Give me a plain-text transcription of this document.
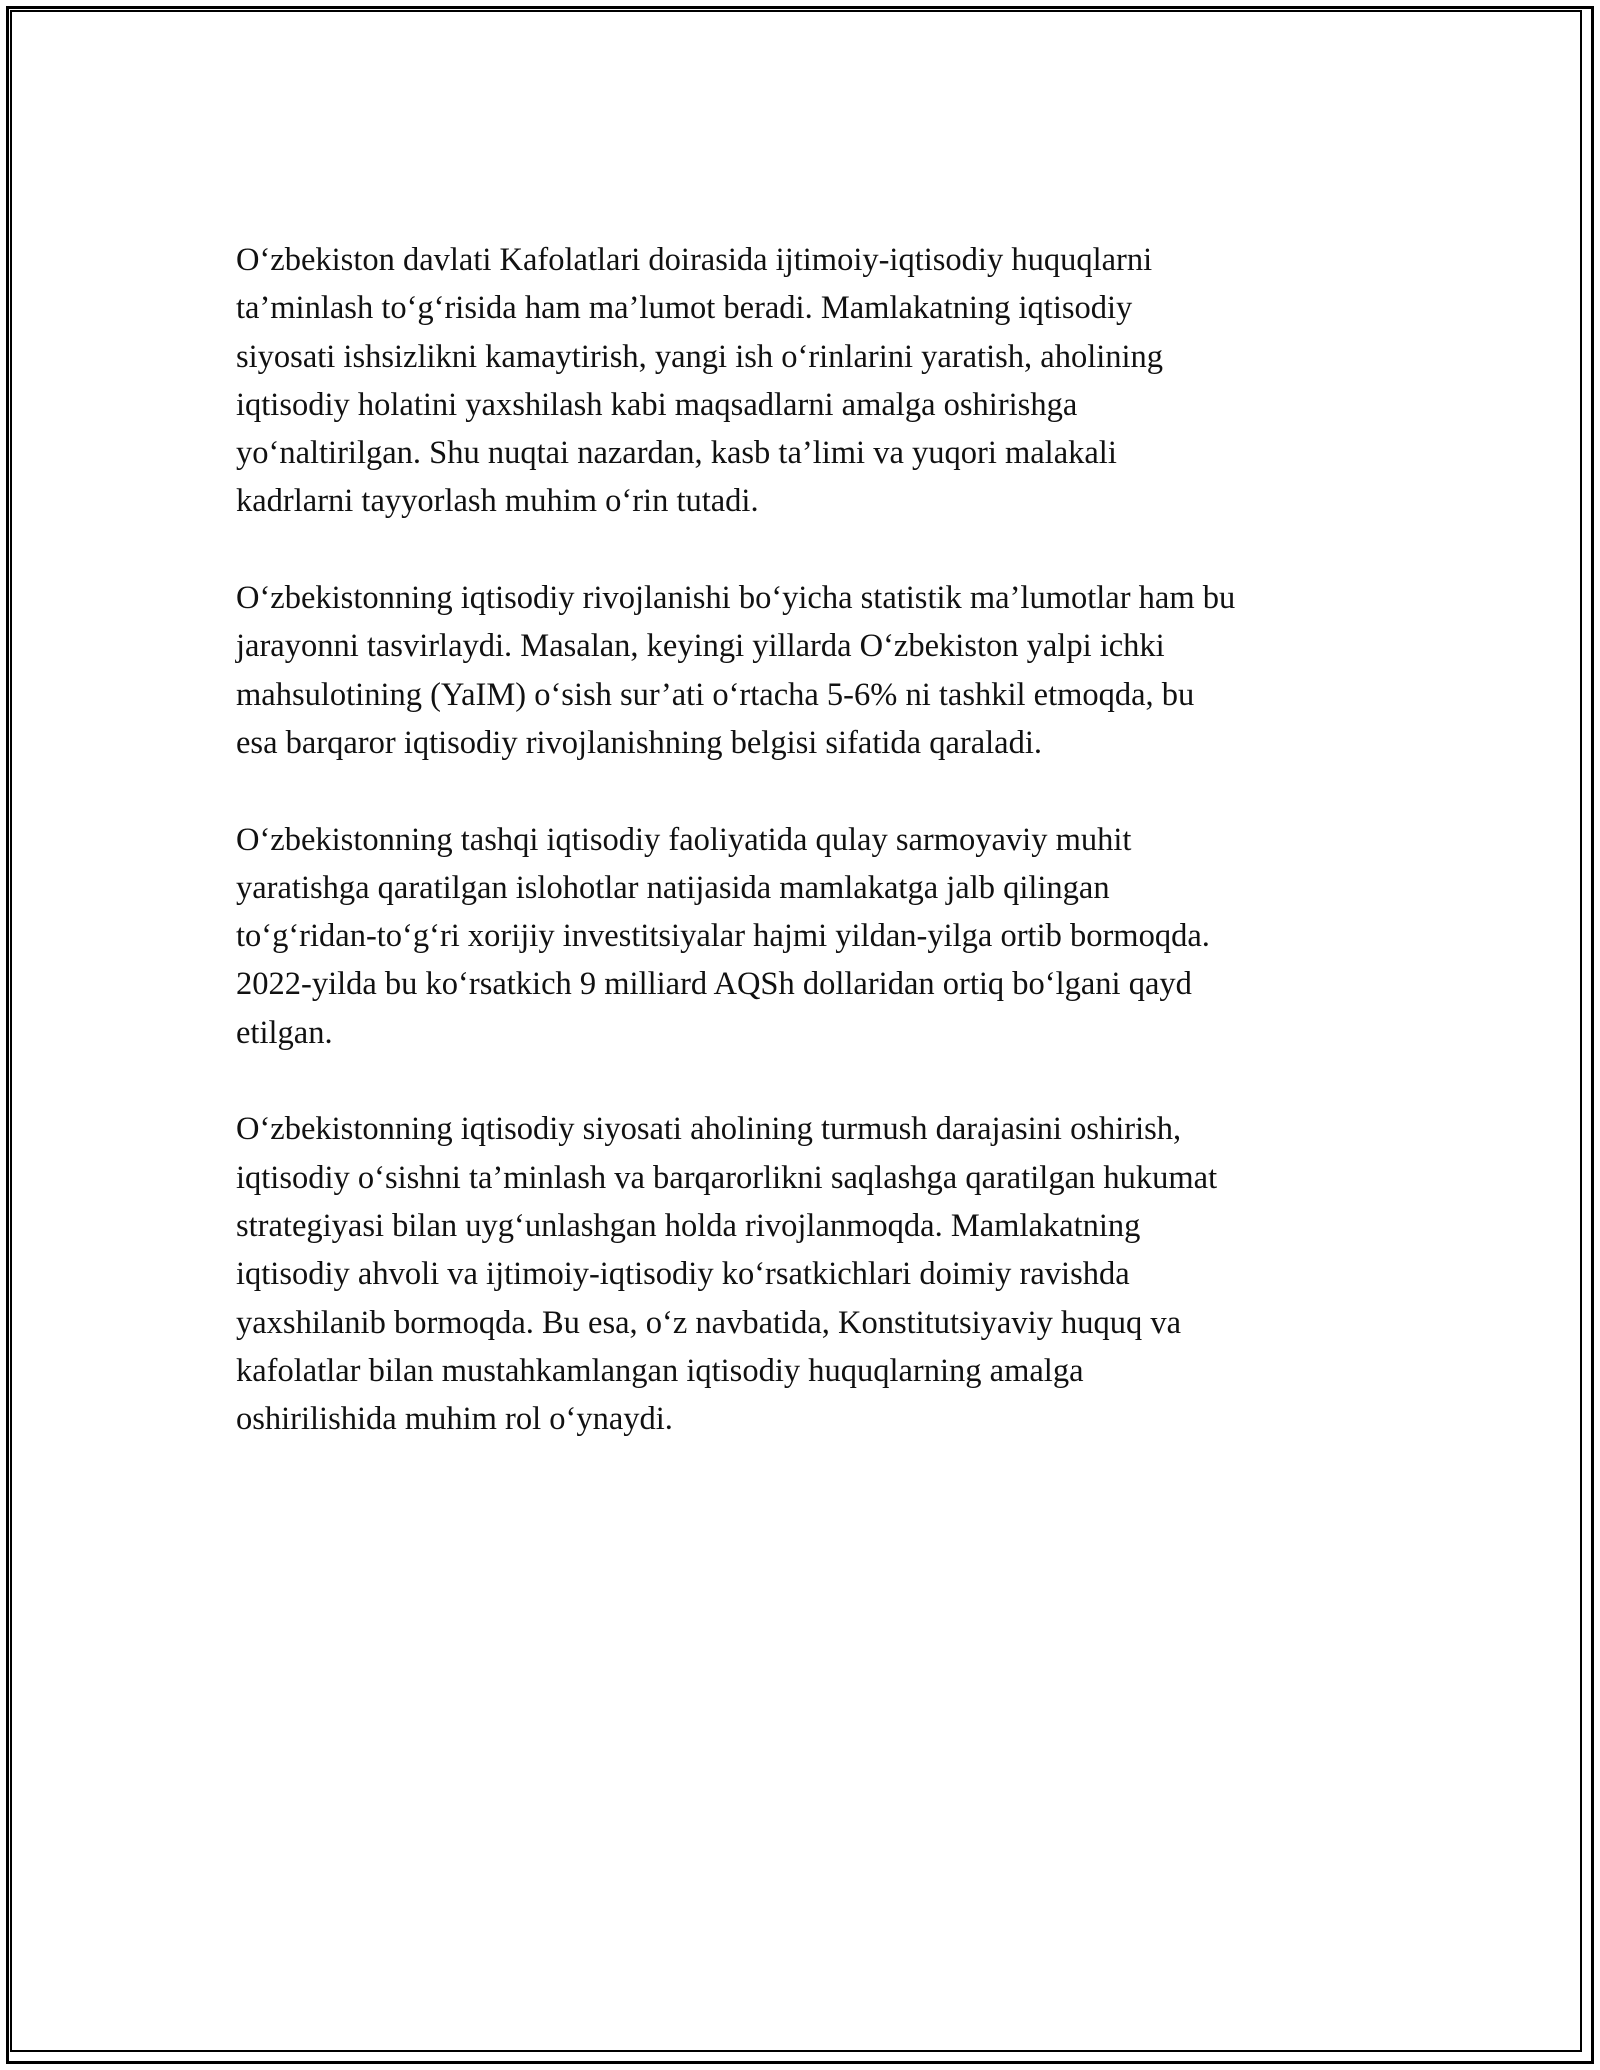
O‘zbekiston davlati Kafolatlari doirasida ijtimoiy-iqtisodiy huquqlarni
ta’minlash to‘g‘risida ham ma’lumot beradi. Mamlakatning iqtisodiy
siyosati ishsizlikni kamaytirish, yangi ish o‘rinlarini yaratish, aholining
iqtisodiy holatini yaxshilash kabi maqsadlarni amalga oshirishga
yo‘naltirilgan. Shu nuqtai nazardan, kasb ta’limi va yuqori malakali
kadrlarni tayyorlash muhim o‘rin tutadi.

O‘zbekistonning iqtisodiy rivojlanishi bo‘yicha statistik ma’lumotlar ham bu
jarayonni tasvirlaydi. Masalan, keyingi yillarda O‘zbekiston yalpi ichki
mahsulotining (YaIM) o‘sish sur’ati o‘rtacha 5-6% ni tashkil etmoqda, bu
esa barqaror iqtisodiy rivojlanishning belgisi sifatida qaraladi.

O‘zbekistonning tashqi iqtisodiy faoliyatida qulay sarmoyaviy muhit
yaratishga qaratilgan islohotlar natijasida mamlakatga jalb qilingan
to‘g‘ridan-to‘g‘ri xorijiy investitsiyalar hajmi yildan-yilga ortib bormoqda.
2022-yilda bu ko‘rsatkich 9 milliard AQSh dollaridan ortiq bo‘lgani qayd
etilgan.

O‘zbekistonning iqtisodiy siyosati aholining turmush darajasini oshirish,
iqtisodiy o‘sishni ta’minlash va barqarorlikni saqlashga qaratilgan hukumat
strategiyasi bilan uyg‘unlashgan holda rivojlanmoqda. Mamlakatning
iqtisodiy ahvoli va ijtimoiy-iqtisodiy ko‘rsatkichlari doimiy ravishda
yaxshilanib bormoqda. Bu esa, o‘z navbatida, Konstitutsiyaviy huquq va
kafolatlar bilan mustahkamlangan iqtisodiy huquqlarning amalga
oshirilishida muhim rol o‘ynaydi.
